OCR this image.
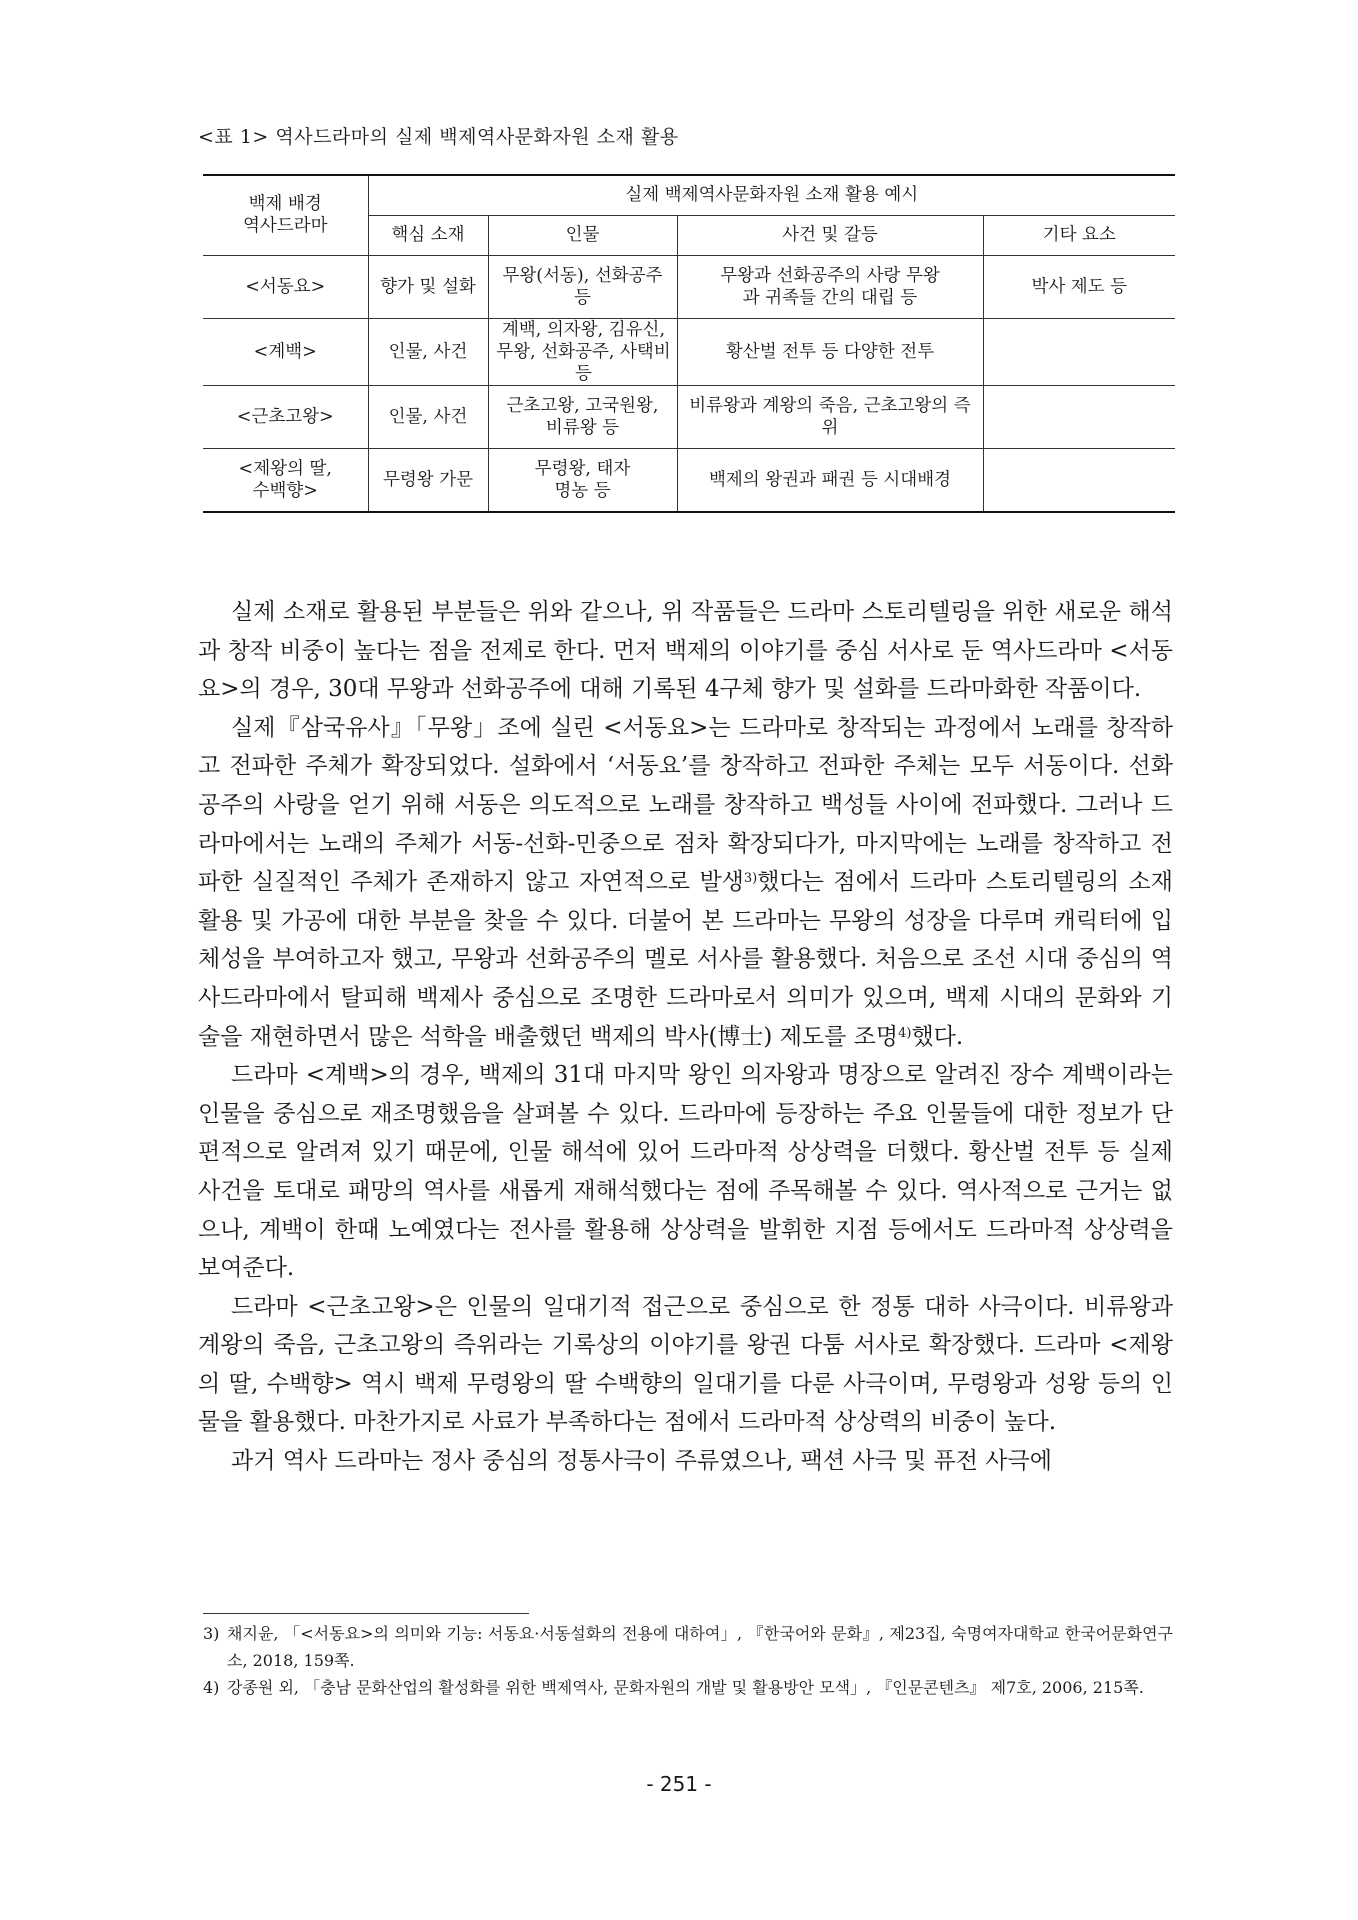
<표 1> 역사드라마의 실제 백제역사문화자원 소재 활용
백제 배경 역사드라마	실제 백제역사문화자원 소재 활용 예시			
	핵심 소재	인물	사건 및 갈등	기타 요소
<서동요>	향가 및 설화	무왕(서동), 선화공주 등	무왕과 선화공주의 사랑 무왕과 귀족들 간의 대립 등	박사 제도 등
<계백>	인물, 사건	계백, 의자왕, 김유신, 무왕, 선화공주, 사택비 등	황산벌 전투 등 다양한 전투	
<근초고왕>	인물, 사건	근초고왕, 고국원왕, 비류왕 등	비류왕과 계왕의 죽음, 근초고왕의 즉위	

<제왕의 딸, 수백향>	무령왕 가문	무령왕, 태자 명농 등	백제의 왕권과 패권 등 시대배경	

실제 소재로 활용된 부분들은 위와 같으나, 위 작품들은 드라마 스토리텔링을 위한 새로운 해석과 창작 비중이 높다는 점을 전제로 한다. 먼저 백제의 이야기를 중심 서사로 둔 역사드라마 <서동요>의 경우, 30대 무왕과 선화공주에 대해 기록된 4구체 향가 및 설화를 드라마화한 작품이다.

실제『삼국유사』「무왕」조에 실린 <서동요>는 드라마로 창작되는 과정에서 노래를 창작하고 전파한 주체가 확장되었다. 설화에서 ‘서동요’를 창작하고 전파한 주체는 모두 서동이다. 선화공주의 사랑을 얻기 위해 서동은 의도적으로 노래를 창작하고 백성들 사이에 전파했다. 그러나 드라마에서는 노래의 주체가 서동-선화-민중으로 점차 확장되다가, 마지막에는 노래를 창작하고 전파한 실질적인 주체가 존재하지 않고 자연적으로 발생$^{3)}$했다는 점에서 드라마 스토리텔링의 소재 활용 및 가공에 대한 부분을 찾을 수 있다. 더불어 본 드라마는 무왕의 성장을 다루며 캐릭터에 입체성을 부여하고자 했고, 무왕과 선화공주의 멜로 서사를 활용했다. 처음으로 조선 시대 중심의 역사드라마에서 탈피해 백제사 중심으로 조명한 드라마로서 의미가 있으며, 백제 시대의 문화와 기술을 재현하면서 많은 석학을 배출했던 백제의 박사(博士) 제도를 조명$^{4)}$했다.

드라마 <계백>의 경우, 백제의 31대 마지막 왕인 의자왕과 명장으로 알려진 장수 계백이라는 인물을 중심으로 재조명했음을 살펴볼 수 있다. 드라마에 등장하는 주요 인물들에 대한 정보가 단편적으로 알려져 있기 때문에, 인물 해석에 있어 드라마적 상상력을 더했다. 황산벌 전투 등 실제 사건을 토대로 패망의 역사를 새롭게 재해석했다는 점에 주목해볼 수 있다. 역사적으로 근거는 없으나, 계백이 한때 노예였다는 전사를 활용해 상상력을 발휘한 지점 등에서도 드라마적 상상력을 보여준다.

드라마 <근초고왕>은 인물의 일대기적 접근으로 중심으로 한 정통 대하 사극이다. 비류왕과 계왕의 죽음, 근초고왕의 즉위라는 기록상의 이야기를 왕권 다툼 서사로 확장했다. 드라마 <제왕의 딸, 수백향> 역시 백제 무령왕의 딸 수백향의 일대기를 다룬 사극이며, 무령왕과 성왕 등의 인물을 활용했다. 마찬가지로 사료가 부족하다는 점에서 드라마적 상상력의 비중이 높다.

과거 역사 드라마는 정사 중심의 정통사극이 주류였으나, 팩션 사극 및 퓨전 사극에

3) 채지윤, 「<서동요>의 의미와 기능: 서동요·서동설화의 전용에 대하여」, 『한국어와 문화』, 제23집, 숙명여자대학교 한국어문화연구소, 2018, 159쪽.
4) 강종원 외, 「충남 문화산업의 활성화를 위한 백제역사, 문화자원의 개발 및 활용방안 모색」, 『인문콘텐츠』 제7호, 2006, 215쪽.
- 251 -
